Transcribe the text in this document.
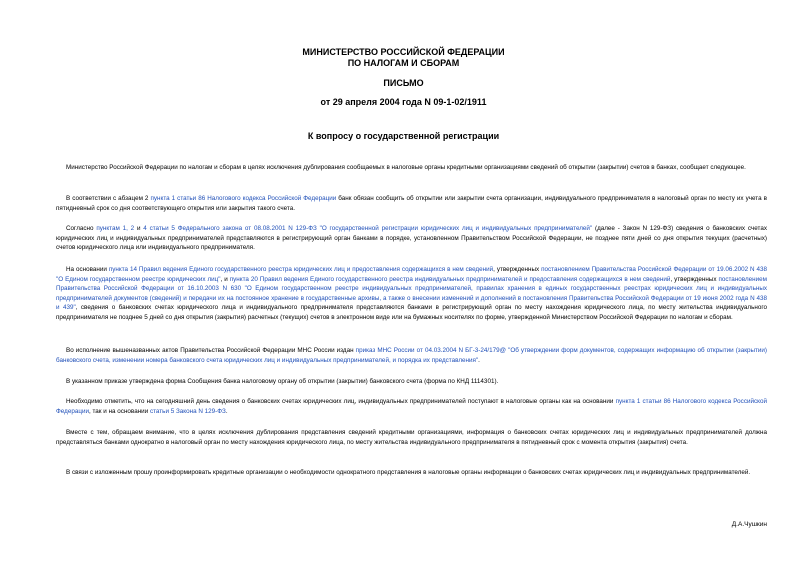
МИНИСТЕРСТВО РОССИЙСКОЙ ФЕДЕРАЦИИ
ПО НАЛОГАМ И СБОРАМ
ПИСЬМО
от 29 апреля 2004 года N 09-1-02/1911
К вопросу о государственной регистрации

Министерство Российской Федерации по налогам и сборам в целях исключения дублирования сообщаемых в налоговые органы кредитными организациями сведений об открытии (закрытии) счетов в банках, сообщает следующее.

В соответствии с абзацем 2 пункта 1 статьи 86 Налогового кодекса Российской Федерации банк обязан сообщить об открытии или закрытии счета организации, индивидуального предпринимателя в налоговый орган по месту их учета в пятидневный срок со дня соответствующего открытия или закрытия такого счета.

Согласно пунктам 1, 2 и 4 статьи 5 Федерального закона от 08.08.2001 N 129-ФЗ "О государственной регистрации юридических лиц и индивидуальных предпринимателей" (далее - Закон N 129-ФЗ) сведения о банковских счетах юридических лиц и индивидуальных предпринимателей представляются в регистрирующий орган банками в порядке, установленном Правительством Российской Федерации, не позднее пяти дней со дня открытия текущих (расчетных) счетов юридического лица или индивидуального предпринимателя.

На основании пункта 14 Правил ведения Единого государственного реестра юридических лиц и предоставления содержащихся в нем сведений, утвержденных постановлением Правительства Российской Федерации от 19.06.2002 N 438 "О Едином государственном реестре юридических лиц", и пункта 20 Правил ведения Единого государственного реестра индивидуальных предпринимателей и предоставления содержащихся в нем сведений, утвержденных постановлением Правительства Российской Федерации от 16.10.2003 N 630 "О Едином государственном реестре индивидуальных предпринимателей, правилах хранения в единых государственных реестрах юридических лиц и индивидуальных предпринимателей документов (сведений) и передачи их на постоянное хранение в государственные архивы, а также о внесении изменений и дополнений в постановления Правительства Российской Федерации от 19 июня 2002 года N 438 и 439", сведения о банковских счетах юридического лица и индивидуального предпринимателя представляются банками в регистрирующий орган по месту нахождения юридического лица, по месту жительства индивидуального предпринимателя не позднее 5 дней со дня открытия (закрытия) расчетных (текущих) счетов в электронном виде или на бумажных носителях по форме, утвержденной Министерством Российской Федерации по налогам и сборам.

Во исполнение вышеназванных актов Правительства Российской Федерации МНС России издан приказ МНС России от 04.03.2004 N БГ-3-24/179@ "Об утверждении форм документов, содержащих информацию об открытии (закрытии) банковского счета, изменении номера банковского счета юридических лиц и индивидуальных предпринимателей, и порядка их представления".

В указанном приказе утверждена форма Сообщения банка налоговому органу об открытии (закрытии) банковского счета (форма по КНД 1114301).

Необходимо отметить, что на сегодняшний день сведения о банковских счетах юридических лиц, индивидуальных предпринимателей поступают в налоговые органы как на основании пункта 1 статьи 86 Налогового кодекса Российской Федерации, так и на основании статьи 5 Закона N 129-ФЗ.

Вместе с тем, обращаем внимание, что в целях исключения дублирования представления сведений кредитными организациями, информация о банковских счетах юридических лиц и индивидуальных предпринимателей должна представляться банками однократно в налоговый орган по месту нахождения юридического лица, по месту жительства индивидуального предпринимателя в пятидневный срок с момента открытия (закрытия) счета.

В связи с изложенным прошу проинформировать кредитные организации о необходимости однократного представления в налоговые органы информации о банковских счетах юридических лиц и индивидуальных предпринимателей.

Д.А.Чушкин
